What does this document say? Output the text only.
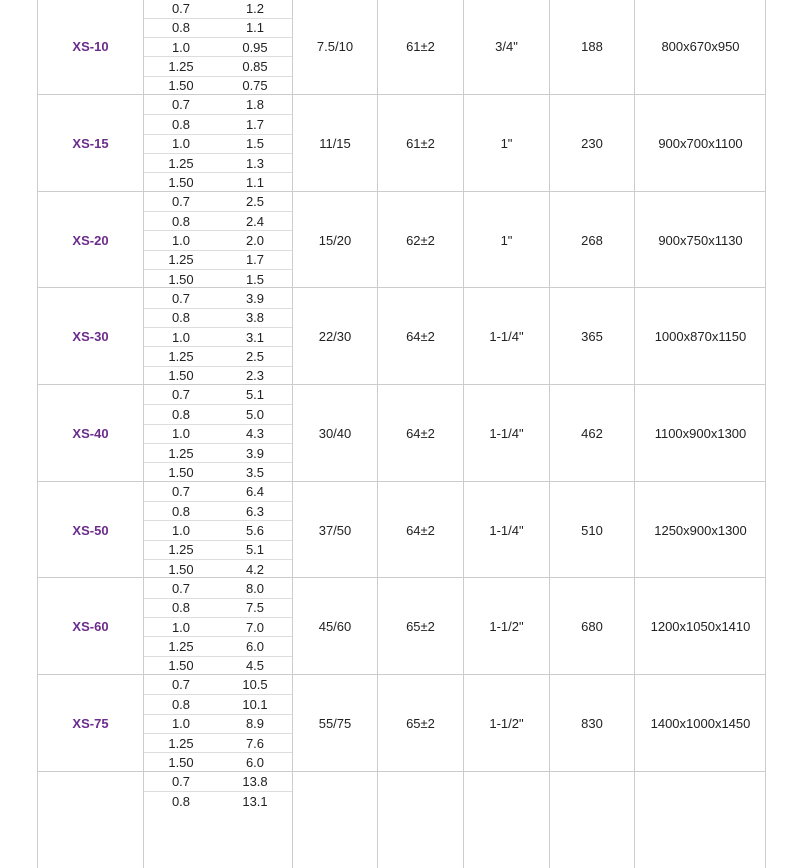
XS-10
0.7	1.2
0.8	1.1
1.0	0.95
1.25	0.85
1.50	0.75
7.5/10	61±2	3/4"	188	800x670x950
XS-15
0.7	1.8
0.8	1.7
1.0	1.5
1.25	1.3
1.50	1.1
11/15	61±2	1"	230	900x700x1100
XS-20
0.7	2.5
0.8	2.4
1.0	2.0
1.25	1.7
1.50	1.5
15/20	62±2	1"	268	900x750x1130
XS-30
0.7	3.9
0.8	3.8
1.0	3.1
1.25	2.5
1.50	2.3
22/30	64±2	1-1/4"	365	1000x870x1150
XS-40
0.7	5.1
0.8	5.0
1.0	4.3
1.25	3.9
1.50	3.5
30/40	64±2	1-1/4"	462	1100x900x1300
XS-50
0.7	6.4
0.8	6.3
1.0	5.6
1.25	5.1
1.50	4.2
37/50	64±2	1-1/4"	510	1250x900x1300
XS-60
0.7	8.0
0.8	7.5
1.0	7.0
1.25	6.0
1.50	4.5
45/60	65±2	1-1/2"	680	1200x1050x1410
XS-75
0.7	10.5
0.8	10.1
1.0	8.9
1.25	7.6
1.50	6.0
55/75	65±2	1-1/2"	830	1400x1000x1450
0.7	13.8
0.8	13.1
